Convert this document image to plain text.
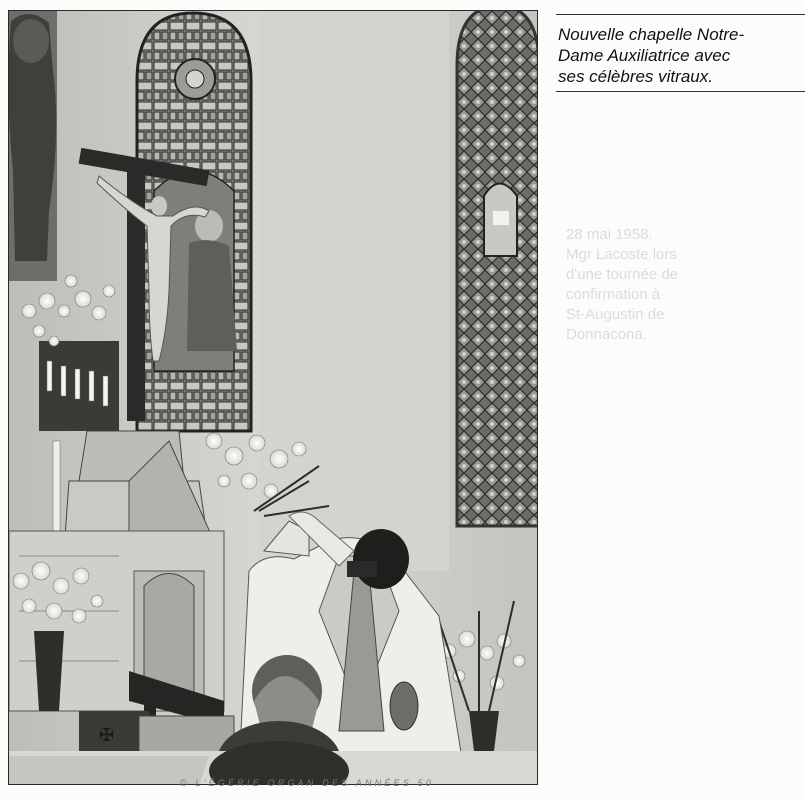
✠

Nouvelle chapelle Notre-
Dame Auxiliatrice avec
ses célèbres vitraux.

28 mai 1958.
Mgr Lacoste lors
d'une tournée de
confirmation à
St-Augustin de
Donnacona.

© L'ÉGÉRIE ORGAN DES ANNÉES 50
